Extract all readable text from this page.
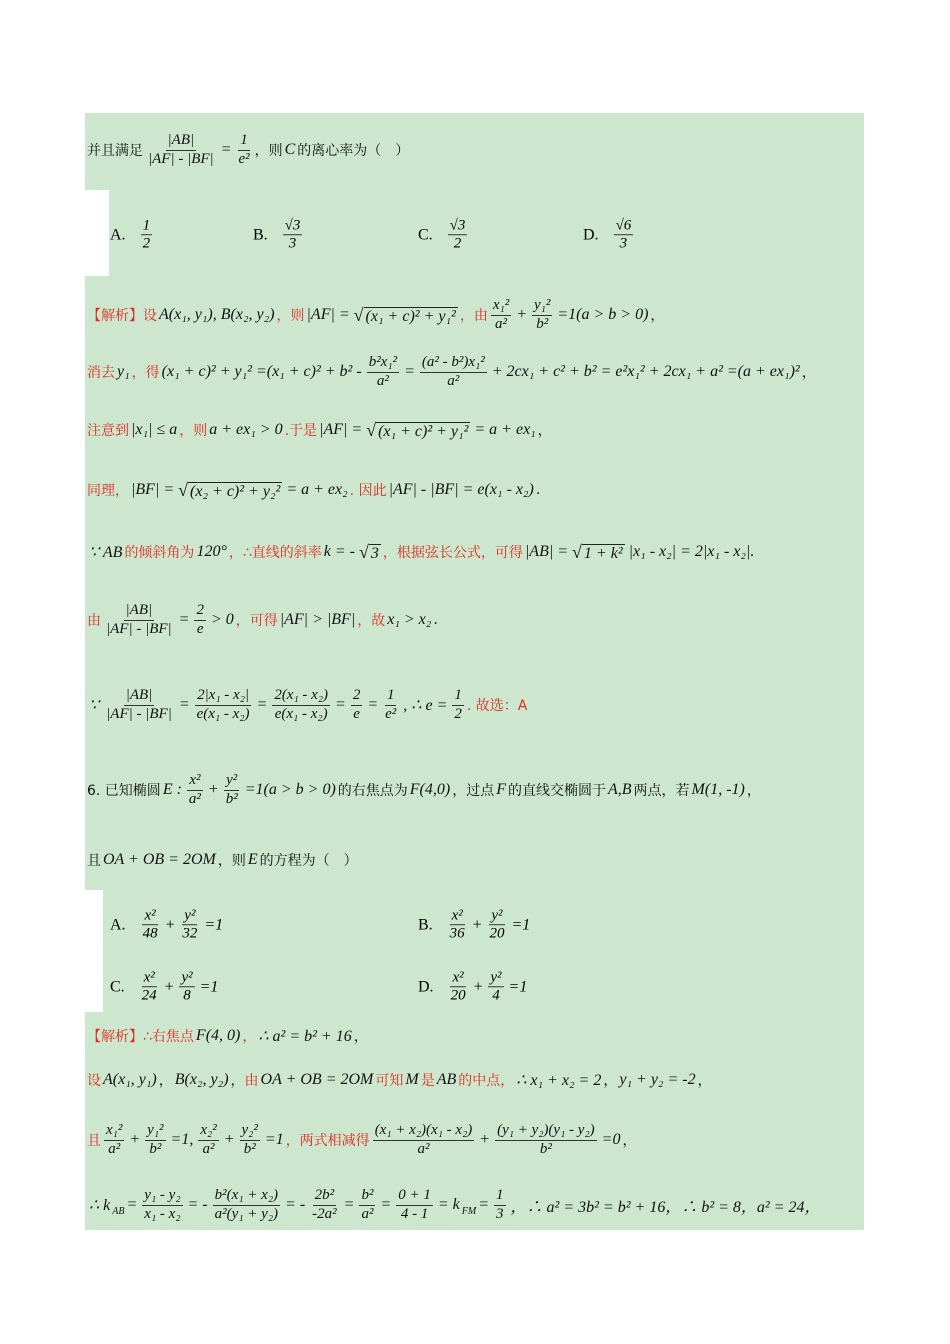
并且满足 $\frac{|AB|}{|AF| - |BF|} = \frac{1}{\text{e²}}$ ，则 C 的离心率为（　）
【解析】设 A(x₁, y₁), B(x₂, y₂) ，则 |AF| = √ (x₁ + c)² + y₁² ，由 $\frac{\text{x₁²}}{\text{a²}} + \frac{\text{y₁²}}{\text{b²}} =1(a > b > 0)$ ，
消去 y₁ ，得 $(x_1 + c)^2 + y_1^2 =(x_1 + c)^2 + b^2 - \frac{\text{b²x₁²}}{\text{a²}} = \frac{\text{(a² - b²)x₁²}}{\text{a²}} + 2cx_1 + c^2 + b^2 = e^2x_1^2 + 2cx_1 + a^2 =(a + ex_1)^2$ ，
注意到 |x₁| ≤ a ，则 a + ex₁ > 0 .于是 |AF| = √ (x₁ + c)² + y₁² = a + ex₁ ，
同理， |BF| = √ (x₂ + c)² + y₂² = a + ex₂ . 因此 |AF| - |BF| = e(x₁ - x₂) .
∵ AB 的倾斜角为 120° ，∴直线的斜率 k = - √ 3 ，根据弦长公式，可得 |AB| = √ 1 + k² |x₁ - x₂| = 2|x₁ - x₂|.
由 $\frac{|AB|}{|AF| - |BF|} = \frac{2}{e} > 0$ ，可得 |AF| > |BF| ，故 x₁ > x₂ .
∵ $\frac{|AB|}{|AF| - |BF|} = \frac{\text{2|x₁ - x₂|}}{\text{e(x₁ - x₂)}} = \frac{\text{2(x₁ - x₂)}}{\text{e(x₁ - x₂)}} = \frac{2}{e} = \frac{1}{\text{e²}}$ , ∴ $e = \frac{1}{2}$ . 故选：A
6. 已知椭圆 E : $\frac{\text{x²}}{\text{a²}} + \frac{\text{y²}}{\text{b²}} =1(a > b > 0)$ 的右焦点为 F(4,0) ，过点 F 的直线交椭圆于 A,B 两点，若 M(1, -1) ，
且 OA + OB = 2OM ，则 E 的方程为（　）
【解析】∴右焦点 F(4, 0) ， ∴ a² = b² + 16 ，
设 A(x₁, y₁) ， B(x₂, y₂) ， 由 OA + OB = 2OM 可知 M 是 AB 的中点， ∴ x₁ + x₂ = 2 ， y₁ + y₂ = -2 ，
且 $\frac{\text{x₁²}}{\text{a²}} + \frac{\text{y₁²}}{\text{b²}} =1$, $\frac{\text{x₂²}}{\text{a²}} + \frac{\text{y₂²}}{\text{b²}} =1$ ，两式相减得 $\frac{\text{(x₁ + x₂)(x₁ - x₂)}}{\text{a²}} + \frac{\text{(y₁ + y₂)(y₁ - y₂)}}{\text{b²}} =0$ ，
∴ k AB = $\frac{\text{y₁ - y₂}}{\text{x₁ - x₂}}$ = - $\frac{\text{b²(x₁ + x₂)}}{\text{a²(y₁ + y₂)}}$ = - $\frac{\text{2b²}}{\text{-2a²}} = \frac{\text{b²}}{\text{a²}} = \frac{0 + 1}{4 - 1} = k$ FM = $\frac{1}{3}$ ，∴ a² = 3b² = b² + 16，∴ b² = 8，a² = 24，
A. $\frac{1}{2}$	B. $\frac{√3}{3}$	C. $\frac{√3}{2}$	D. $\frac{√6}{3}$
A. $\frac{\text{x²}}{48} + \frac{\text{y²}}{32} =1$	B. $\frac{\text{x²}}{36} + \frac{\text{y²}}{20} =1$
C. $\frac{\text{x²}}{24} + \frac{\text{y²}}{8} =1$	D. $\frac{\text{x²}}{20} + \frac{\text{y²}}{4} =1$
